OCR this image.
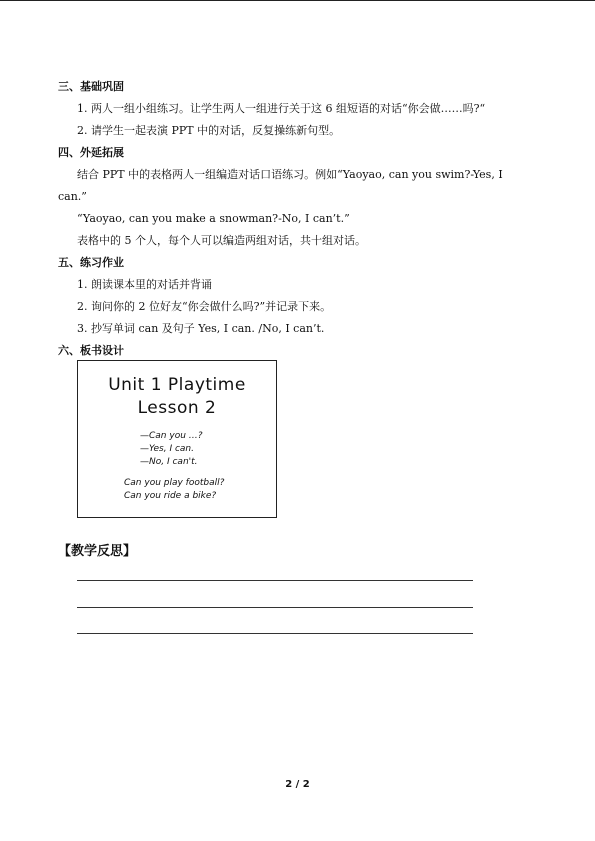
三、基础巩固
1. 两人一组小组练习。让学生两人一组进行关于这 6 组短语的对话“你会做……吗?“
2. 请学生一起表演 PPT 中的对话，反复操练新句型。
四、外延拓展
结合 PPT 中的表格两人一组编造对话口语练习。例如“Yaoyao, can you swim?-Yes, I
can.”
“Yaoyao, can you make a snowman?-No, I can’t.”
表格中的 5 个人，每个人可以编造两组对话，共十组对话。
五、练习作业
1. 朗读课本里的对话并背诵
2. 询问你的 2 位好友“你会做什么吗?”并记录下来。
3. 抄写单词 can 及句子 Yes, I can. /No, I can’t.
六、板书设计
Unit 1 Playtime
Lesson 2
—Can you …?
—Yes, I can.
—No, I can't.
Can you play football?
Can you ride a bike?
【教学反思】
2 / 2
